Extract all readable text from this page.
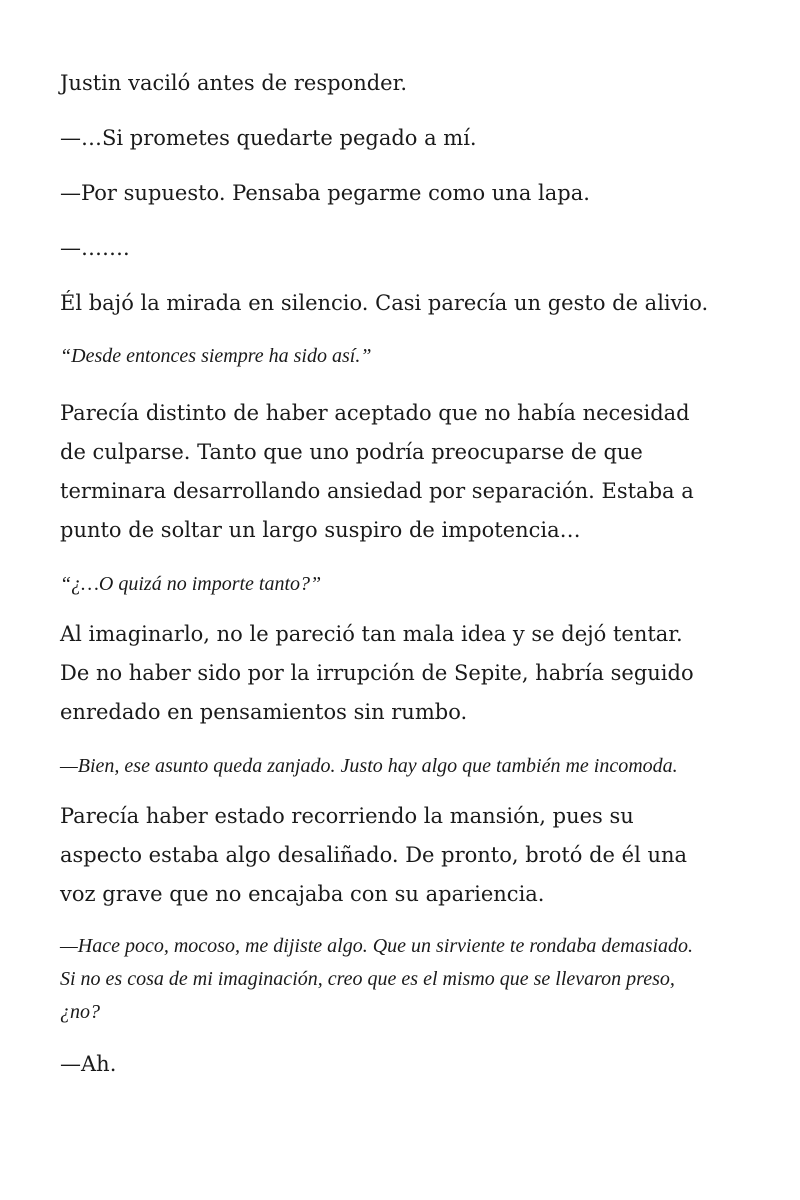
Justin vaciló antes de responder.

—…Si prometes quedarte pegado a mí.

—Por supuesto. Pensaba pegarme como una lapa.

—…….

Él bajó la mirada en silencio. Casi parecía un gesto de alivio.

“Desde entonces siempre ha sido así.”

Parecía distinto de haber aceptado que no había necesidad
de culparse. Tanto que uno podría preocuparse de que
terminara desarrollando ansiedad por separación. Estaba a
punto de soltar un largo suspiro de impotencia…

“¿…O quizá no importe tanto?”

Al imaginarlo, no le pareció tan mala idea y se dejó tentar.
De no haber sido por la irrupción de Sepite, habría seguido
enredado en pensamientos sin rumbo.

—Bien, ese asunto queda zanjado. Justo hay algo que también me incomoda.

Parecía haber estado recorriendo la mansión, pues su
aspecto estaba algo desaliñado. De pronto, brotó de él una
voz grave que no encajaba con su apariencia.

—Hace poco, mocoso, me dijiste algo. Que un sirviente te rondaba demasiado.
Si no es cosa de mi imaginación, creo que es el mismo que se llevaron preso,
¿no?

—Ah.
